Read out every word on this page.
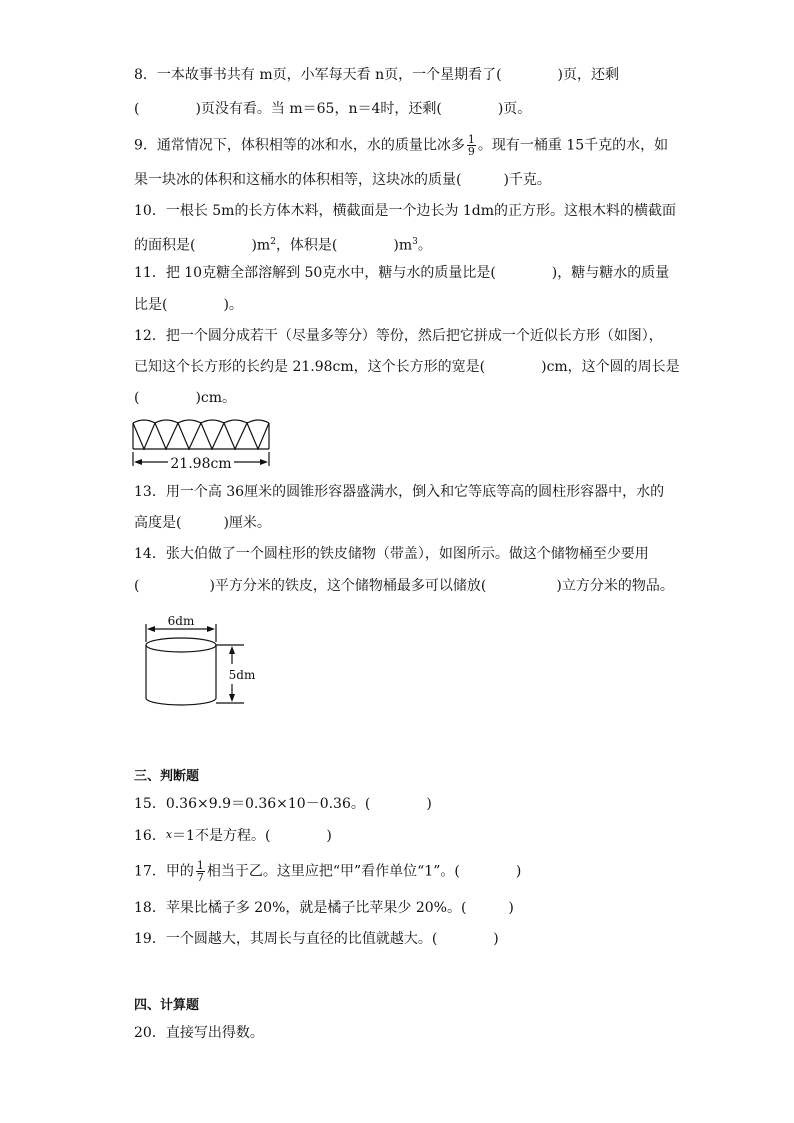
8．一本故事书共有 m页，小军每天看 n页，一个星期看了(　　　　)页，还剩
(　　　　)页没有看。当 m＝65，n＝4时，还剩(　　　　)页。
9．通常情况下，体积相等的冰和水，水的质量比冰多 $\frac{1}{9}$ 。现有一桶重 15千克的水，如
果一块冰的体积和这桶水的体积相等，这块冰的质量(　　　)千克。
10．一根长 5m的长方体木料，横截面是一个边长为 1dm的正方形。这根木料的横截面
的面积是(　　　　)$m^2$，体积是(　　　　)$m^3$。
11．把 10克糖全部溶解到 50克水中，糖与水的质量比是(　　　　)，糖与糖水的质量
比是(　　　　)。
12．把一个圆分成若干（尽量多等分）等份，然后把它拼成一个近似长方形（如图），
已知这个长方形的长约是 21.98cm，这个长方形的宽是(　　　　)cm，这个圆的周长是
(　　　　)cm。
21.98cm
13．用一个高 36厘米的圆锥形容器盛满水，倒入和它等底等高的圆柱形容器中，水的
高度是(　　　)厘米。
14．张大伯做了一个圆柱形的铁皮储物（带盖），如图所示。做这个储物桶至少要用
(　　　　　)平方分米的铁皮，这个储物桶最多可以储放(　　　　　)立方分米的物品。
6dm
5dm
三、判断题
15．0.36×9.9＝0.36×10－0.36。(　　　　)
16．x＝1不是方程。(　　　　)
17．甲的 $\frac{1}{7}$ 相当于乙。这里应把“甲”看作单位“1”。(　　　　)
18．苹果比橘子多 20%，就是橘子比苹果少 20%。(　　　)
19．一个圆越大，其周长与直径的比值就越大。(　　　　)
四、计算题
20．直接写出得数。
